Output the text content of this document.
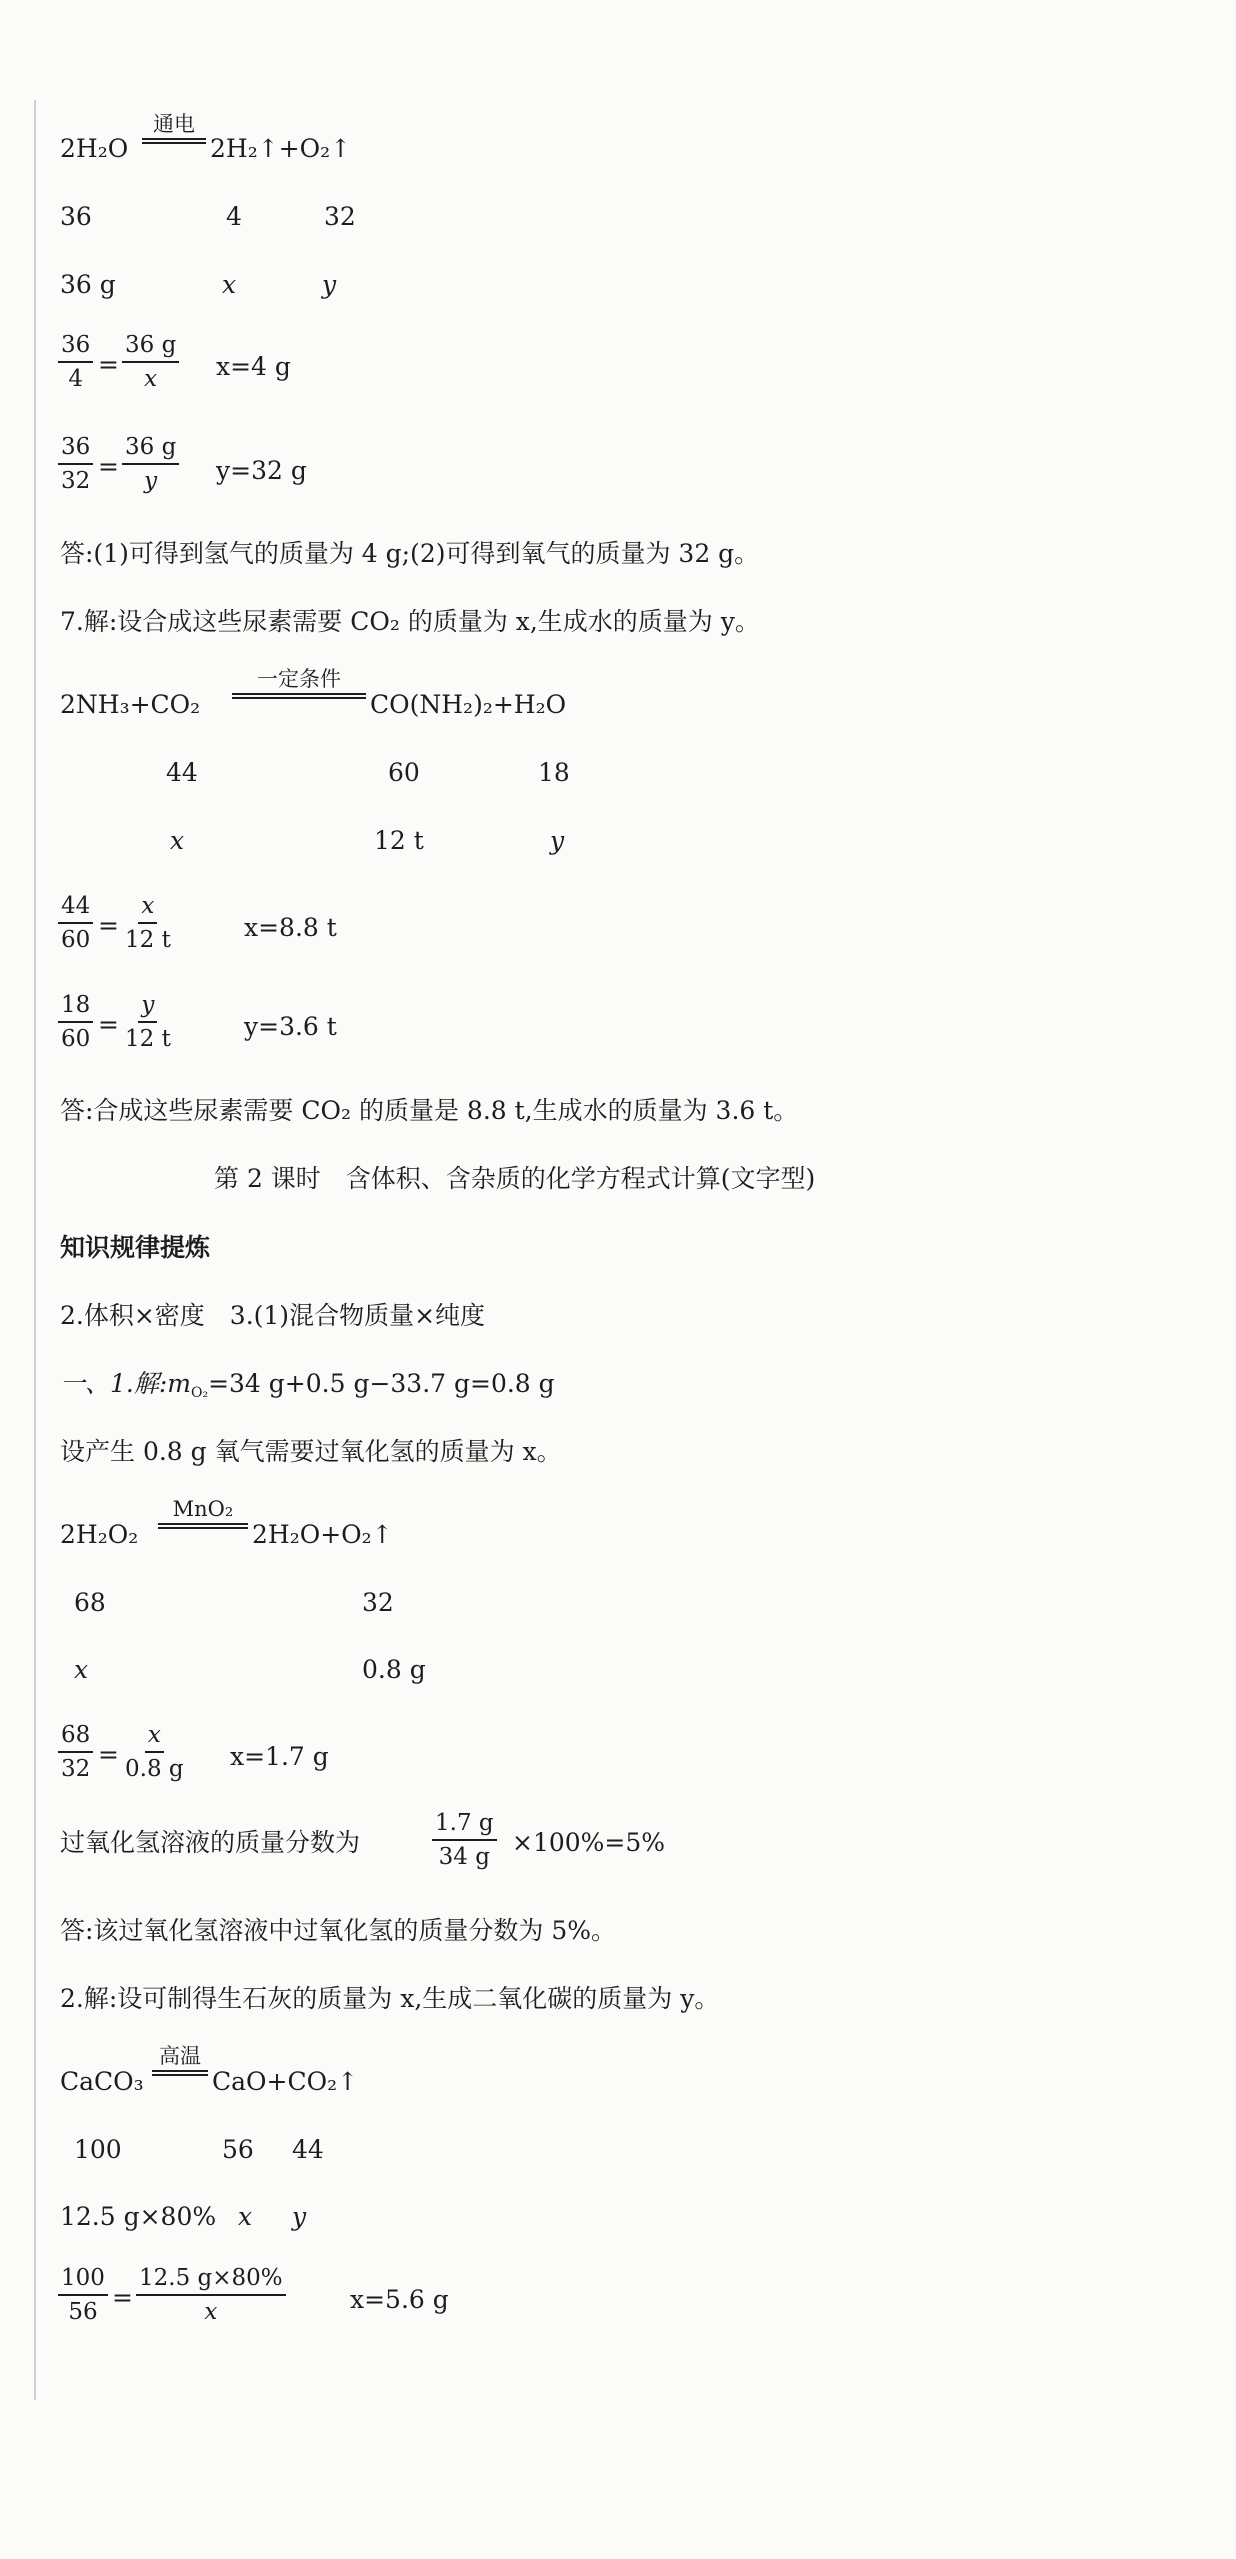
2H₂O
通电
2H₂↑+O₂↑
36	4	32
36 g	x	y
$\frac{36}{4} = \frac{36 g}{x} x=4$ g
$\frac{36}{32} = \frac{36 g}{y} y=32$ g
答:(1)可得到氢气的质量为 4 g;(2)可得到氧气的质量为 32 g。
7.解:设合成这些尿素需要 CO₂ 的质量为 x,生成水的质量为 y。
2NH₃+CO₂
一定条件
CO(NH₂)₂+H₂O
44	60	18
x	12 t	y
$\frac{44}{60} = \frac{x}{12 t}$	x=8.8 t
$\frac{18}{60} = \frac{y}{12 t}$	y=3.6 t
答:合成这些尿素需要 CO₂ 的质量是 8.8 t,生成水的质量为 3.6 t。
第 2 课时　含体积、含杂质的化学方程式计算(文字型)
知识规律提炼
2.体积×密度　3.(1)混合物质量×纯度
一、1.解$:m_{O_2}=34$ g+0.5 g−33.7 g=0.8 g
设产生 0.8 g 氧气需要过氧化氢的质量为 x。
2H₂O₂
MnO₂
2H₂O+O₂↑
68	32
x	0.8 g
$\frac{68}{32} = \frac{x}{0.8 g} x=1.7$ g
过氧化氢溶液的质量分数为	$\frac{1.7 g}{34 g} \times 100\%=5\%$
答:该过氧化氢溶液中过氧化氢的质量分数为 5%。
2.解:设可制得生石灰的质量为 x,生成二氧化碳的质量为 y。
CaCO₃
高温
CaO+CO₂↑
100	56 44
12.5 g×80% x y
$\frac{100}{56} = \frac{12.5 g\times 80\%}{x}$	x=5.6 g
